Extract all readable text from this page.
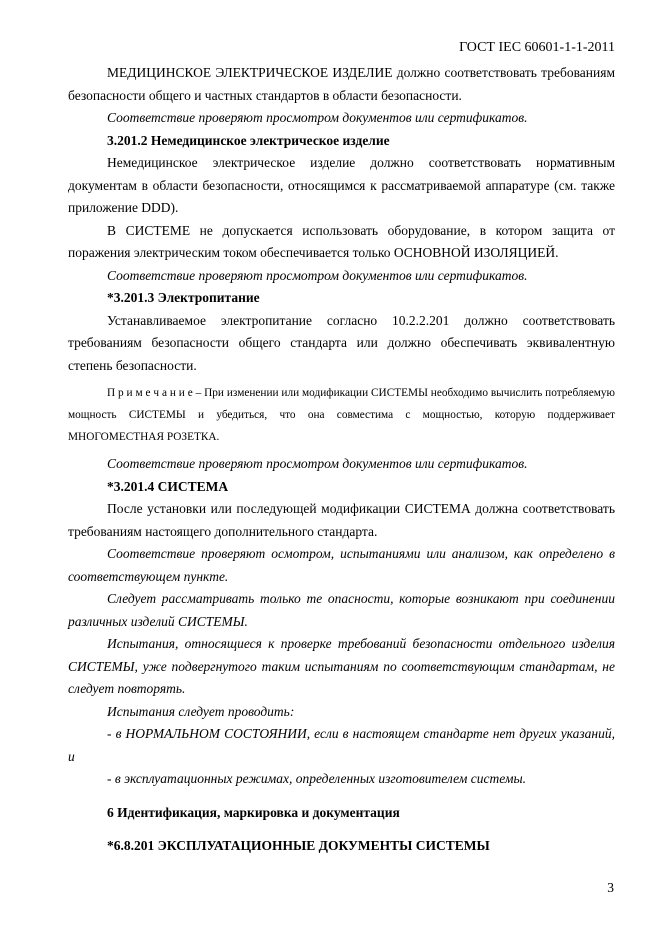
ГОСТ IEC 60601-1-1-2011

МЕДИЦИНСКОЕ ЭЛЕКТРИЧЕСКОЕ ИЗДЕЛИЕ должно соответствовать требованиям безопасности общего и частных стандартов в области безопасности.

Соответствие проверяют просмотром документов или сертификатов.

3.201.2 Немедицинское электрическое изделие

Немедицинское электрическое изделие должно соответствовать нормативным документам в области безопасности, относящимся к рассматриваемой аппаратуре (см. также приложение DDD).

В СИСТЕМЕ не допускается использовать оборудование, в котором защита от поражения электрическим током обеспечивается только ОСНОВНОЙ ИЗОЛЯЦИЕЙ.

Соответствие проверяют просмотром документов или сертификатов.

*3.201.3 Электропитание

Устанавливаемое электропитание согласно 10.2.2.201 должно соответствовать требованиям безопасности общего стандарта или должно обеспечивать эквивалентную степень безопасности.

П р и м е ч а н и е – При изменении или модификации СИСТЕМЫ необходимо вычислить потребляемую мощность СИСТЕМЫ и убедиться, что она совместима с мощностью, которую поддерживает МНОГОМЕСТНАЯ РОЗЕТКА.

Соответствие проверяют просмотром документов или сертификатов.

*3.201.4 СИСТЕМА

После установки или последующей модификации СИСТЕМА должна соответствовать требованиям настоящего дополнительного стандарта.

Соответствие проверяют осмотром, испытаниями или анализом, как определено в соответствующем пункте.

Следует рассматривать только те опасности, которые возникают при соединении различных изделий СИСТЕМЫ.

Испытания, относящиеся к проверке требований безопасности отдельного изделия СИСТЕМЫ, уже подвергнутого таким испытаниям по соответствующим стандартам, не следует повторять.

Испытания следует проводить:

- в НОРМАЛЬНОМ СОСТОЯНИИ, если в настоящем стандарте нет других указаний, и

- в эксплуатационных режимах, определенных изготовителем системы.

6 Идентификация, маркировка и документация

*6.8.201 ЭКСПЛУАТАЦИОННЫЕ ДОКУМЕНТЫ СИСТЕМЫ

3
